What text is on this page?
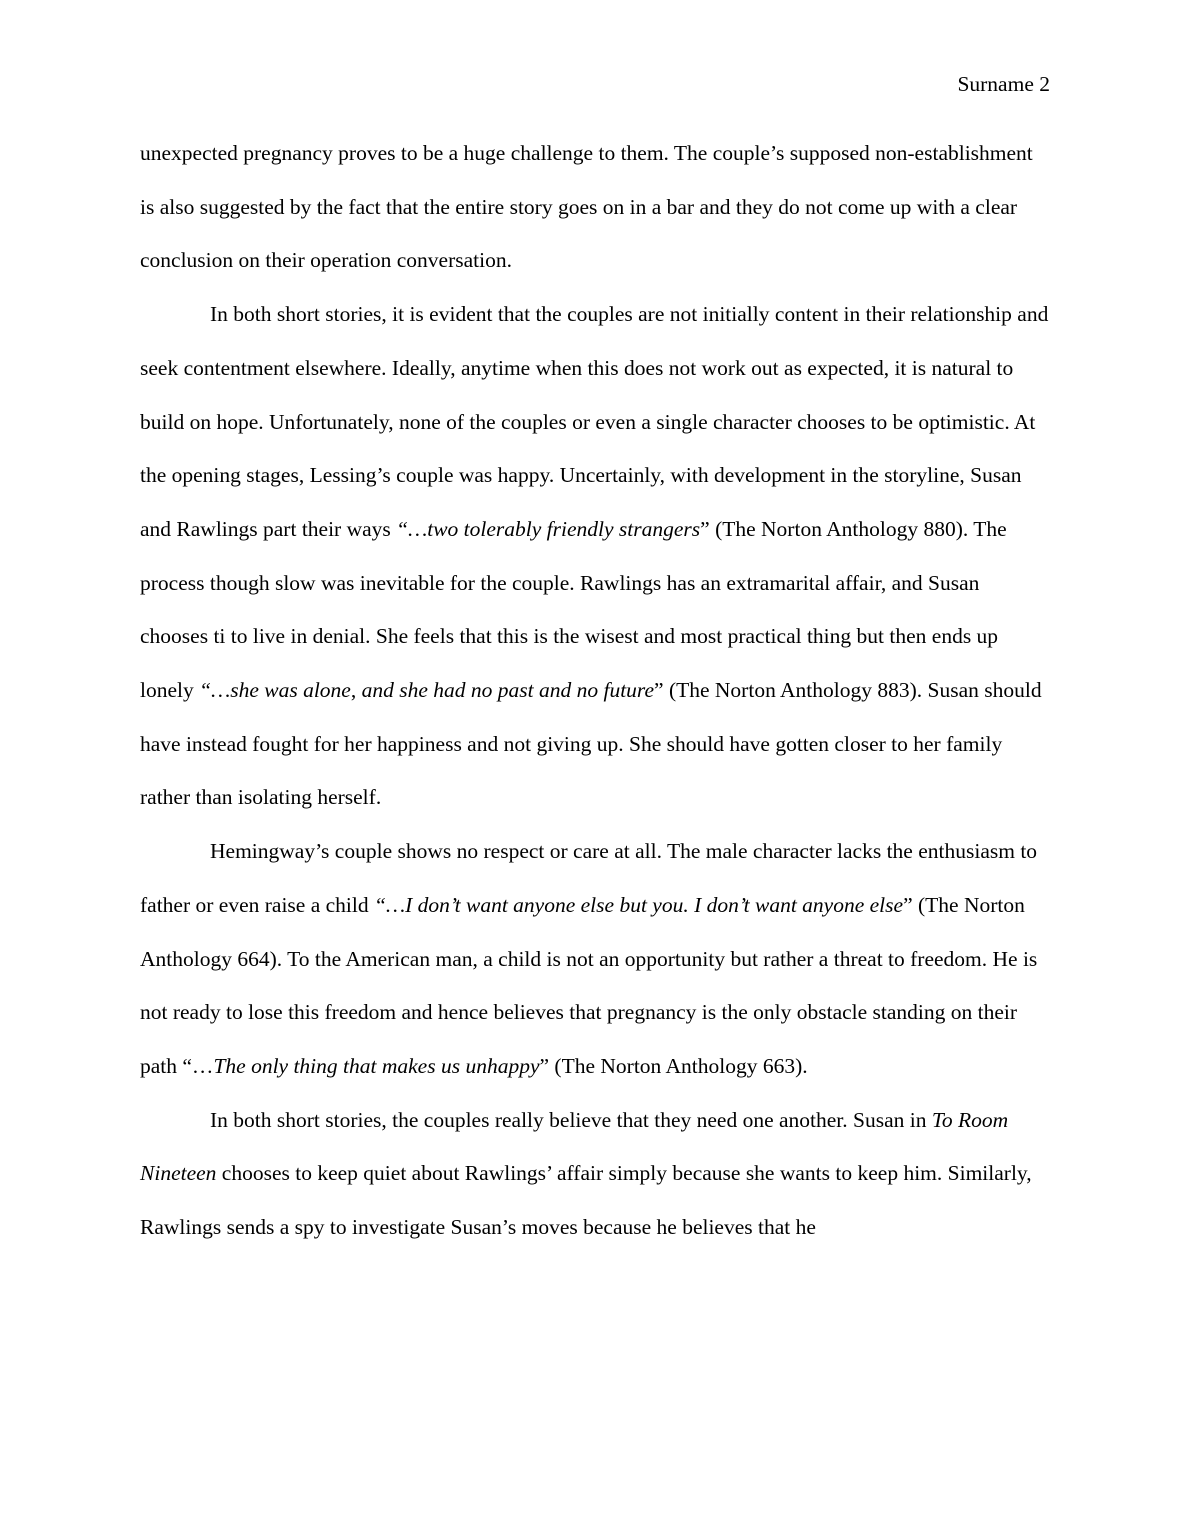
Surname 2

unexpected pregnancy proves to be a huge challenge to them. The couple’s supposed non-establishment is also suggested by the fact that the entire story goes on in a bar and they do not come up with a clear conclusion on their operation conversation.

In both short stories, it is evident that the couples are not initially content in their relationship and seek contentment elsewhere. Ideally, anytime when this does not work out as expected, it is natural to build on hope. Unfortunately, none of the couples or even a single character chooses to be optimistic. At the opening stages, Lessing’s couple was happy. Uncertainly, with development in the storyline, Susan and Rawlings part their ways “…two tolerably friendly strangers” (The Norton Anthology 880). The process though slow was inevitable for the couple. Rawlings has an extramarital affair, and Susan chooses ti to live in denial. She feels that this is the wisest and most practical thing but then ends up lonely “…she was alone, and she had no past and no future” (The Norton Anthology 883). Susan should have instead fought for her happiness and not giving up. She should have gotten closer to her family rather than isolating herself.

Hemingway’s couple shows no respect or care at all. The male character lacks the enthusiasm to father or even raise a child “…I don’t want anyone else but you. I don’t want anyone else” (The Norton Anthology 664). To the American man, a child is not an opportunity but rather a threat to freedom. He is not ready to lose this freedom and hence believes that pregnancy is the only obstacle standing on their path “…The only thing that makes us unhappy” (The Norton Anthology 663).

In both short stories, the couples really believe that they need one another. Susan in To Room Nineteen chooses to keep quiet about Rawlings’ affair simply because she wants to keep him. Similarly, Rawlings sends a spy to investigate Susan’s moves because he believes that he
